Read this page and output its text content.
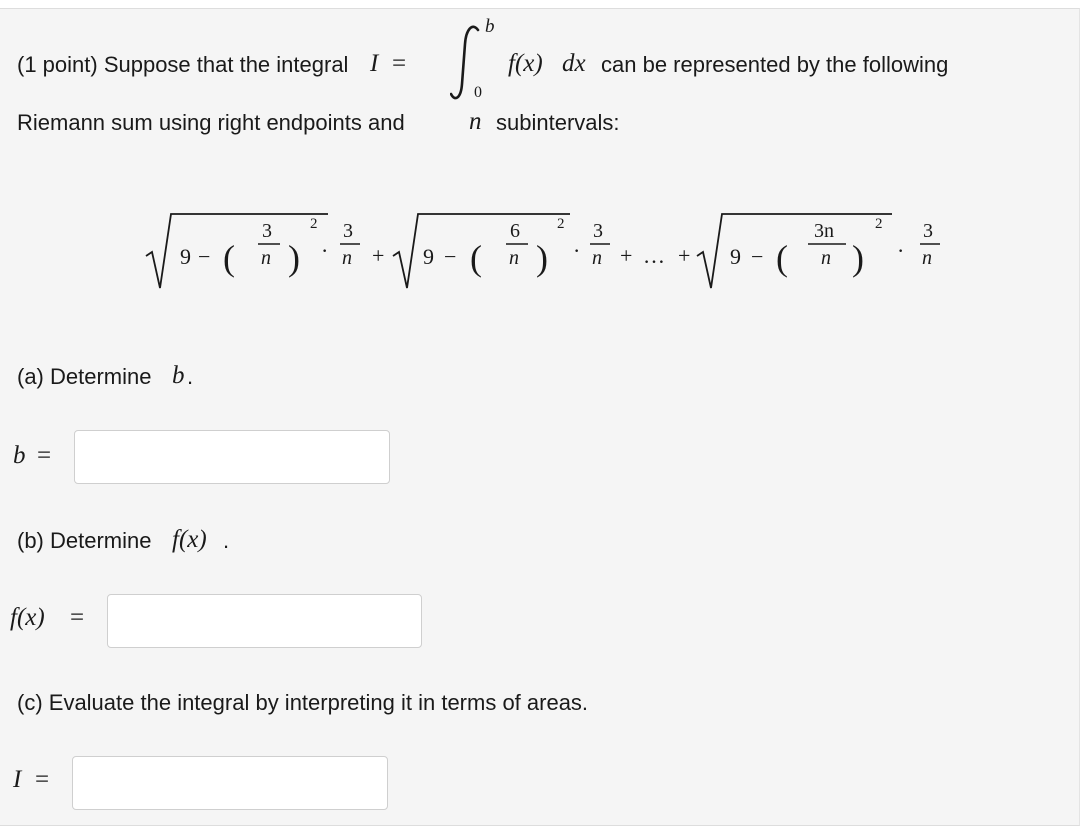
(1 point) Suppose that the integral I =
b
0
f(x) dx can be represented by the following
Riemann sum using right endpoints and	n subintervals:
9 − (
3
n )
2
·
3
n + 9 − (
6
n )
2
·
3
n + … + 9 − (
3n
n )
2
·
3
n
(a) Determine b .
b =
(b) Determine f(x) .
f(x) =
(c) Evaluate the integral by interpreting it in terms of areas.
I =
